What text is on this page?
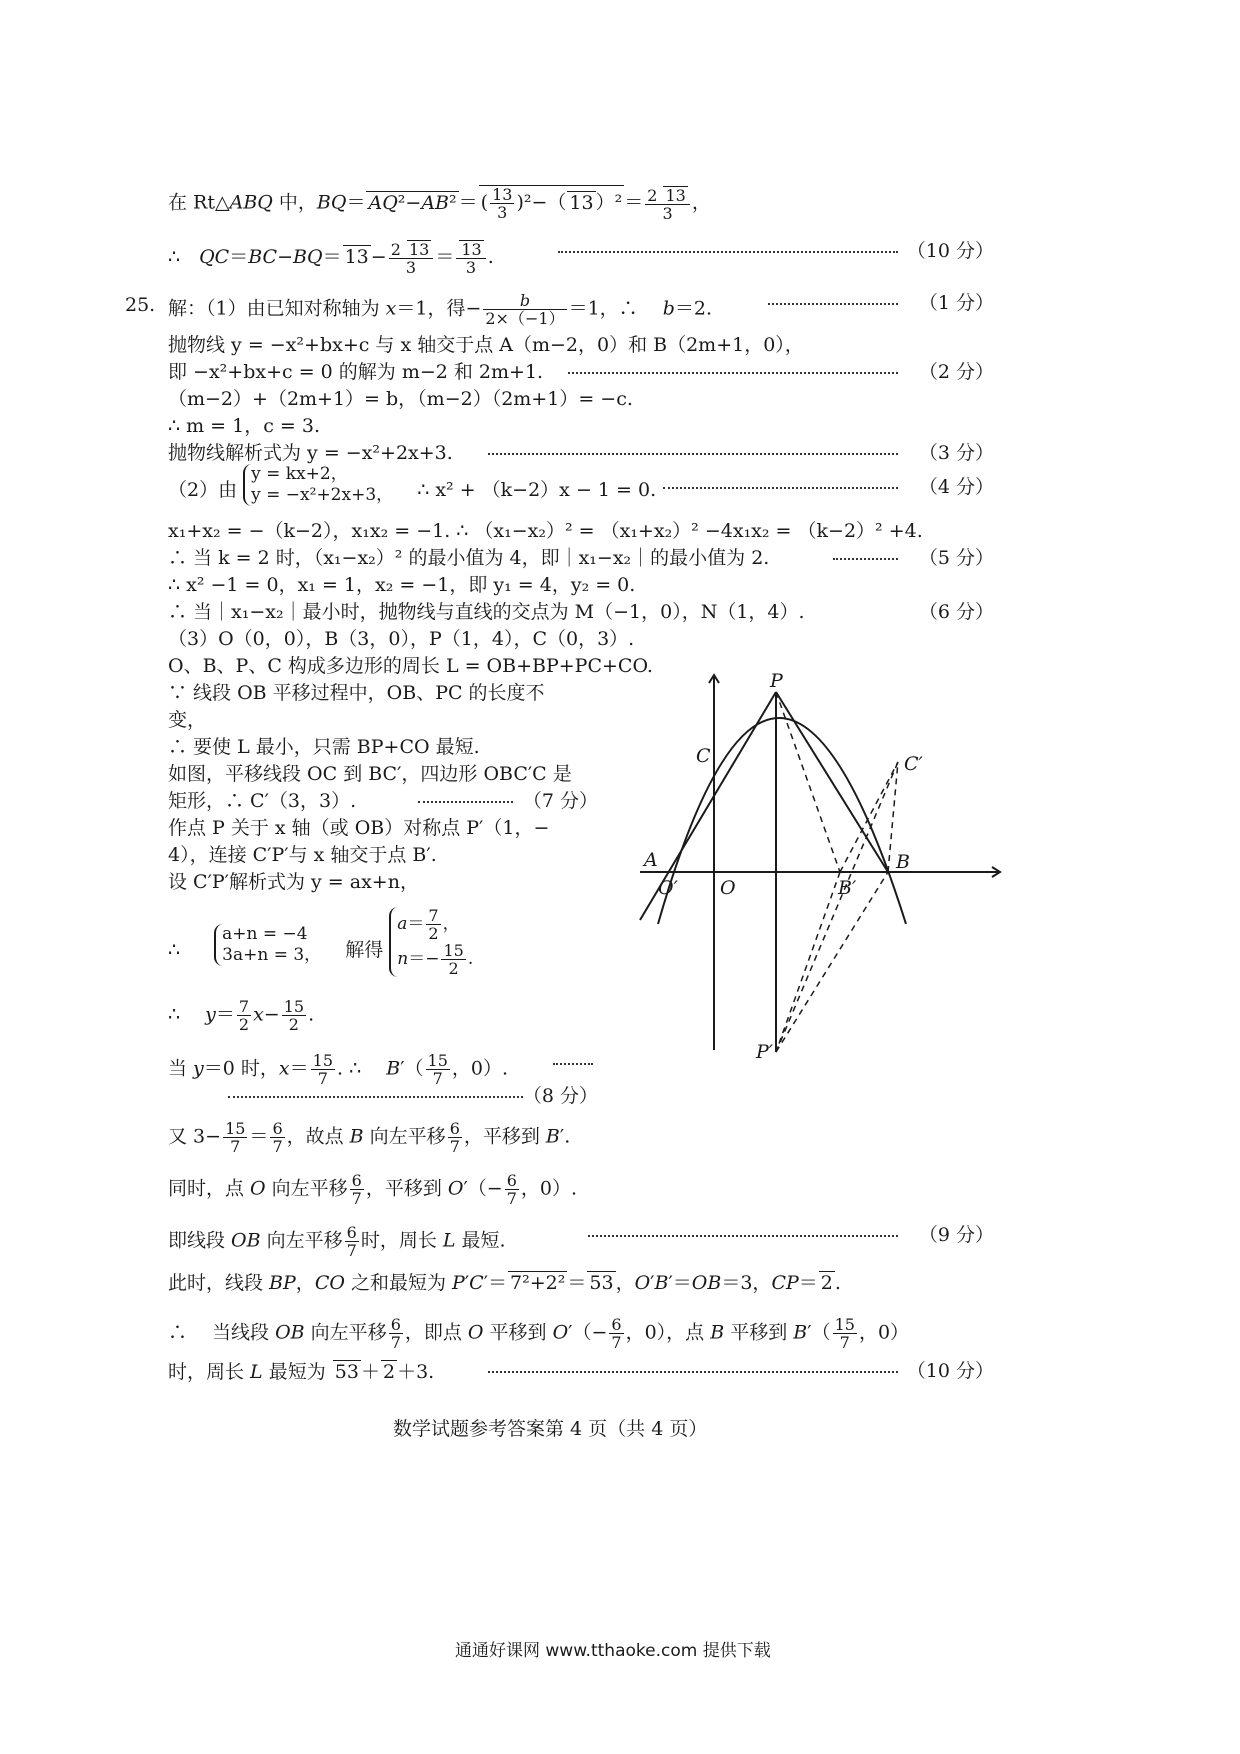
在 Rt△ABQ 中，BQ＝ AQ²−AB² ＝ ( $\frac{13}{3} )^2-$（ 13 ）$^2 = \frac{2 13}{3}$ ，
∴　$QC=BC-BQ= 13 - \frac{2 13}{3} = \frac{13}{3}$ .	（10 分）
25. 解：（1）由已知对称轴为 x＝1，得− $\frac{b}{2\times(-1)} =1$，∴　 b＝2.	（1 分）
抛物线 y = −x²+bx+c 与 x 轴交于点 A（m−2，0）和 B（2m+1，0），
即 −x²+bx+c = 0 的解为 m−2 和 2m+1.	（2 分）
（m−2）+（2m+1）= b，（m−2）（2m+1）= −c.
∴ m = 1，c = 3.
抛物线解析式为 y = −x²+2x+3.	（3 分）
（2）由
y = kx+2，
y = −x²+2x+3， ∴ x² + （k−2）x − 1 = 0.	（4 分）
x₁+x₂ = −（k−2），x₁x₂ = −1. ∴ （x₁−x₂）² = （x₁+x₂）² −4x₁x₂ = （k−2）² +4.
∴ 当 k = 2 时，（x₁−x₂）² 的最小值为 4，即｜x₁−x₂｜的最小值为 2.	（5 分）
∴ x² −1 = 0，x₁ = 1，x₂ = −1，即 y₁ = 4，y₂ = 0.
∴ 当｜x₁−x₂｜最小时，抛物线与直线的交点为 M（−1，0），N（1，4）.	（6 分）
（3）O（0，0），B（3，0），P（1，4），C（0，3）.
O、B、P、C 构成多边形的周长 L = OB+BP+PC+CO.
∵ 线段 OB 平移过程中，OB、PC 的长度不
变，
∴ 要使 L 最小，只需 BP+CO 最短.
如图，平移线段 OC 到 BC′，四边形 OBC′C 是
矩形，∴ C′（3，3）.	（7 分）
作点 P 关于 x 轴（或 OB）对称点 P′（1，−
4），连接 C′P′与 x 轴交于点 B′.
设 C′P′解析式为 y = ax+n，
∴
a+n = −4
3a+n = 3， 解得
$a= \frac{7}{2}$ ，
$n=- \frac{15}{2}$ .
∴　 $y= \frac{7}{2} x- \frac{15}{2}$ .
当 y＝0 时，$x= \frac{15}{7}$ . ∴　 $B'( \frac{15}{7}$ ，0）.
（8 分）
又 $3- \frac{15}{7} = \frac{6}{7}$ ，故点 B 向左平移 $\frac{6}{7}$ ，平移到 B′.
同时，点 O 向左平移 $\frac{6}{7}$ ，平移到 $O'(- \frac{6}{7}$ ，0）.
即线段 OB 向左平移 $\frac{6}{7}$ 时，周长 L 最短.	（9 分）
此时，线段 BP，CO 之和最短为 P′C′＝ 7²+2² ＝ 53 ，O′B′＝OB＝3，CP＝ 2 .
∴　 当线段 OB 向左平移 $\frac{6}{7}$ ，即点 O 平移到 $O'(- \frac{6}{7}$ ，0），点 B 平移到 $B'( \frac{15}{7}$ ，0）
时，周长 L 最短为 53 ＋ 2 ＋3.	（10 分）
P
C	C′
A
O′ O	B′
B
P′
数学试题参考答案第 4 页（共 4 页）
通通好课网 www.tthaoke.com 提供下载
